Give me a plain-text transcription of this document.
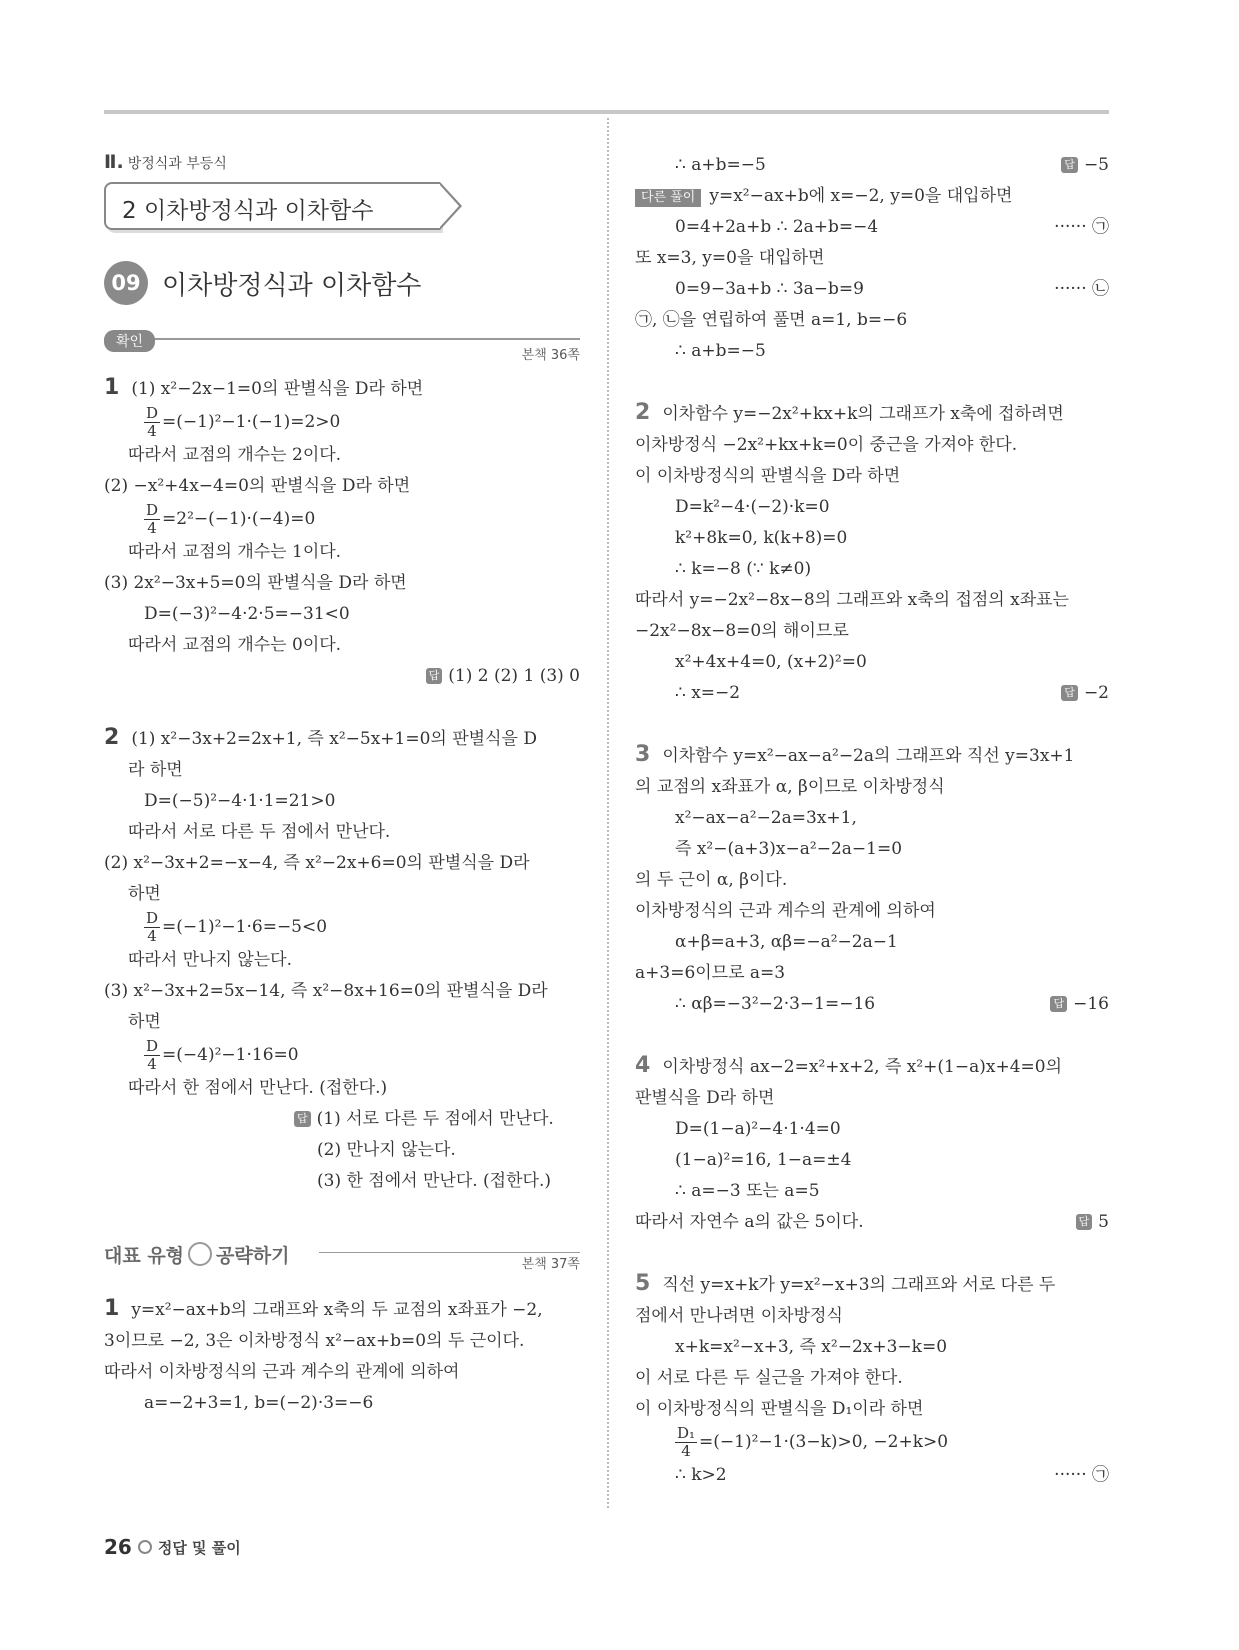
Ⅱ. 방정식과 부등식
2 이차방정식과 이차함수
09 이차방정식과 이차함수
확인
본책 36쪽
1 (1) x²−2x−1=0의 판별식을 D라 하면
$\frac{D}{4} =(-1)^2-1\cdot(-1)=2>0$
따라서 교점의 개수는 2이다.
(2) −x²+4x−4=0의 판별식을 D라 하면
$\frac{D}{4} =2^2-(-1)\cdot(-4)=0$
따라서 교점의 개수는 1이다.
(3) 2x²−3x+5=0의 판별식을 D라 하면
D=(−3)²−4·2·5=−31<0
따라서 교점의 개수는 0이다.
답 (1) 2 (2) 1 (3) 0
2 (1) x²−3x+2=2x+1, 즉 x²−5x+1=0의 판별식을 D
라 하면
D=(−5)²−4·1·1=21>0
따라서 서로 다른 두 점에서 만난다.
(2) x²−3x+2=−x−4, 즉 x²−2x+6=0의 판별식을 D라
하면
$\frac{D}{4} =(-1)^2-1\cdot 6=-5<0$
따라서 만나지 않는다.
(3) x²−3x+2=5x−14, 즉 x²−8x+16=0의 판별식을 D라
하면
$\frac{D}{4} =(-4)^2-1\cdot 16=0$
따라서 한 점에서 만난다. (접한다.)
답 (1) 서로 다른 두 점에서 만난다.
(2) 만나지 않는다.
(3) 한 점에서 만난다. (접한다.)
대표 유형 공략하기	본책 37쪽
1 y=x²−ax+b의 그래프와 x축의 두 교점의 x좌표가 −2,
3이므로 −2, 3은 이차방정식 x²−ax+b=0의 두 근이다.
따라서 이차방정식의 근과 계수의 관계에 의하여
a=−2+3=1, b=(−2)·3=−6
∴ a+b=−5	답 −5
다른 풀이 y=x²−ax+b에 x=−2, y=0을 대입하면
0=4+2a+b ∴ 2a+b=−4	······ ㉠
또 x=3, y=0을 대입하면
0=9−3a+b ∴ 3a−b=9	······ ㉡
㉠, ㉡을 연립하여 풀면 a=1, b=−6
∴ a+b=−5
2 이차함수 y=−2x²+kx+k의 그래프가 x축에 접하려면
이차방정식 −2x²+kx+k=0이 중근을 가져야 한다.
이 이차방정식의 판별식을 D라 하면
D=k²−4·(−2)·k=0
k²+8k=0, k(k+8)=0
∴ k=−8 (∵ k≠0)
따라서 y=−2x²−8x−8의 그래프와 x축의 접점의 x좌표는
−2x²−8x−8=0의 해이므로
x²+4x+4=0, (x+2)²=0
∴ x=−2	답 −2
3 이차함수 y=x²−ax−a²−2a의 그래프와 직선 y=3x+1
의 교점의 x좌표가 α, β이므로 이차방정식
x²−ax−a²−2a=3x+1,
즉 x²−(a+3)x−a²−2a−1=0
의 두 근이 α, β이다.
이차방정식의 근과 계수의 관계에 의하여
α+β=a+3, αβ=−a²−2a−1
a+3=6이므로 a=3
∴ αβ=−3²−2·3−1=−16	답 −16
4 이차방정식 ax−2=x²+x+2, 즉 x²+(1−a)x+4=0의
판별식을 D라 하면
D=(1−a)²−4·1·4=0
(1−a)²=16, 1−a=±4
∴ a=−3 또는 a=5
따라서 자연수 a의 값은 5이다.	답 5
5 직선 y=x+k가 y=x²−x+3의 그래프와 서로 다른 두
점에서 만나려면 이차방정식
x+k=x²−x+3, 즉 x²−2x+3−k=0
이 서로 다른 두 실근을 가져야 한다.
이 이차방정식의 판별식을 D₁이라 하면
$\frac{\text{D₁}}{4} =(-1)^2-1\cdot(3-k)>0$, −2+k>0
∴ k>2	······ ㉠
26 정답 및 풀이
